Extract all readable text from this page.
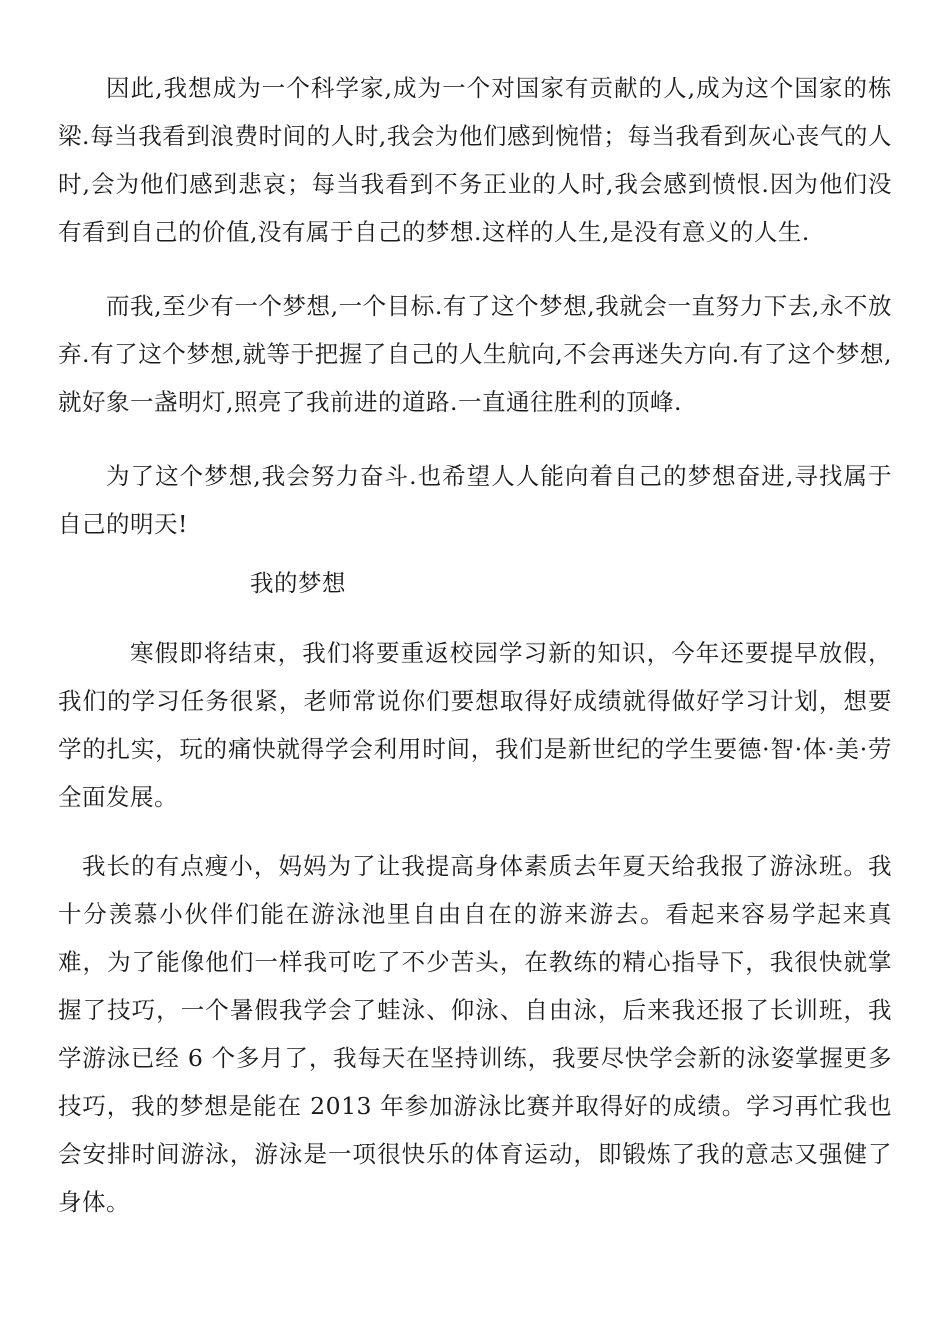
因此,我想成为一个科学家,成为一个对国家有贡献的人,成为这个国家的栋梁.每当我看到浪费时间的人时,我会为他们感到惋惜；每当我看到灰心丧气的人时,会为他们感到悲哀；每当我看到不务正业的人时,我会感到愤恨.因为他们没有看到自己的价值,没有属于自己的梦想.这样的人生,是没有意义的人生.

而我,至少有一个梦想,一个目标.有了这个梦想,我就会一直努力下去,永不放弃.有了这个梦想,就等于把握了自己的人生航向,不会再迷失方向.有了这个梦想,就好象一盏明灯,照亮了我前进的道路.一直通往胜利的顶峰.

为了这个梦想,我会努力奋斗.也希望人人能向着自己的梦想奋进,寻找属于自己的明天!

我的梦想

寒假即将结束，我们将要重返校园学习新的知识，今年还要提早放假，我们的学习任务很紧，老师常说你们要想取得好成绩就得做好学习计划，想要学的扎实，玩的痛快就得学会利用时间，我们是新世纪的学生要德·智·体·美·劳全面发展。

我长的有点瘦小，妈妈为了让我提高身体素质去年夏天给我报了游泳班。我十分羡慕小伙伴们能在游泳池里自由自在的游来游去。看起来容易学起来真难，为了能像他们一样我可吃了不少苦头，在教练的精心指导下，我很快就掌握了技巧，一个暑假我学会了蛙泳、仰泳、自由泳，后来我还报了长训班，我学游泳已经 6 个多月了，我每天在坚持训练，我要尽快学会新的泳姿掌握更多技巧，我的梦想是能在 2013 年参加游泳比赛并取得好的成绩。学习再忙我也会安排时间游泳，游泳是一项很快乐的体育运动，即锻炼了我的意志又强健了身体。
